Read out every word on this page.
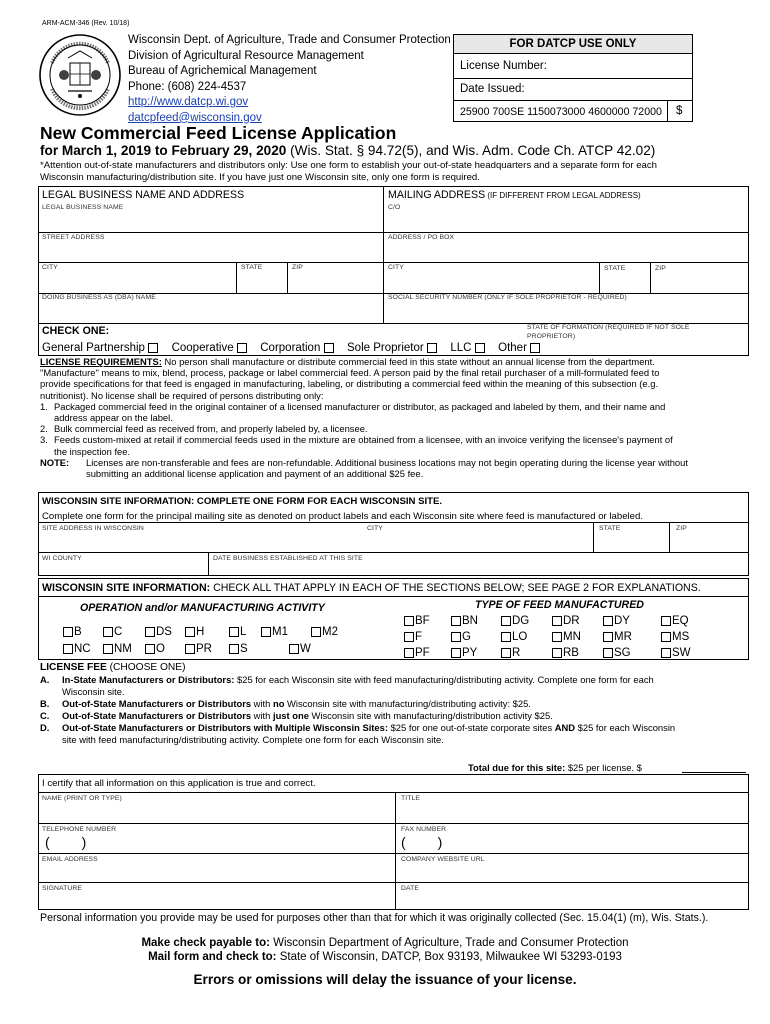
ARM-ACM-346 (Rev. 10/18)
Wisconsin Dept. of Agriculture, Trade and Consumer Protection
Division of Agricultural Resource Management
Bureau of Agrichemical Management
Phone: (608) 224-4537
http://www.datcp.wi.gov
datcpfeed@wisconsin.gov
FOR DATCP USE ONLY
License Number:
Date Issued:
25900 700SE 1150073000 4600000 72000 $
New Commercial Feed License Application
for March 1, 2019 to February 29, 2020 (Wis. Stat. § 94.72(5), and Wis. Adm. Code Ch. ATCP 42.02)
*Attention out-of-state manufacturers and distributors only: Use one form to establish your out-of-state headquarters and a separate form for each
Wisconsin manufacturing/distribution site. If you have just one Wisconsin site, only one form is required.
LEGAL BUSINESS NAME AND ADDRESS	MAILING ADDRESS (IF DIFFERENT FROM LEGAL ADDRESS)
LEGAL BUSINESS NAME	C/O
STREET ADDRESS	ADDRESS / PO BOX
CITY	STATE	ZIP	CITY	STATE	ZIP
DOING BUSINESS AS (DBA) NAME	SOCIAL SECURITY NUMBER (ONLY IF SOLE PROPRIETOR - REQUIRED)
CHECK ONE:	STATE OF FORMATION (REQUIRED IF NOT SOLE PROPRIETOR)
General Partnership

Cooperative

Corporation

Sole Proprietor

LLC

Other

LICENSE REQUIREMENTS: No person shall manufacture or distribute commercial feed in this state without an annual license from the department.
"Manufacture" means to mix, blend, process, package or label commercial feed. A person paid by the final retail purchaser of a mill-formulated feed to
provide specifications for that feed is engaged in manufacturing, labeling, or distributing a commercial feed within the meaning of this subsection (e.g.
nutritionist). No license shall be required of persons distributing only:
1. Packaged commercial feed in the original container of a licensed manufacturer or distributor, as packaged and labeled by them, and their name and
address appear on the label.
2. Bulk commercial feed as received from, and properly labeled by, a licensee.
3. Feeds custom-mixed at retail if commercial feeds used in the mixture are obtained from a licensee, with an invoice verifying the licensee's payment of
the inspection fee.
NOTE: Licenses are non-transferable and fees are non-refundable. Additional business locations may not begin operating during the license year without
submitting an additional license application and payment of an additional $25 fee.
WISCONSIN SITE INFORMATION: COMPLETE ONE FORM FOR EACH WISCONSIN SITE.
Complete one form for the principal mailing site as denoted on product labels and each Wisconsin site where feed is manufactured or labeled.
SITE ADDRESS IN WISCONSIN	CITY	STATE	ZIP
WI COUNTY	DATE BUSINESS ESTABLISHED AT THIS SITE
WISCONSIN SITE INFORMATION: CHECK ALL THAT APPLY IN EACH OF THE SECTIONS BELOW; SEE PAGE 2 FOR EXPLANATIONS.
OPERATION and/or MANUFACTURING ACTIVITY	TYPE OF FEED MANUFACTURED
B	C	DS H	L M1	M2
NC NM O	PR S	W
BF	BN	DG	DR	DY	EQ
F	G	LO	MN	MR	MS
PF	PY	R	RB	SG	SW
LICENSE FEE (CHOOSE ONE)
A. In-State Manufacturers or Distributors: $25 for each Wisconsin site with feed manufacturing/distributing activity. Complete one form for each
Wisconsin site.
B. Out-of-State Manufacturers or Distributors with no Wisconsin site with manufacturing/distributing activity: $25.
C. Out-of-State Manufacturers or Distributors with just one Wisconsin site with manufacturing/distribution activity $25.
D. Out-of-State Manufacturers or Distributors with Multiple Wisconsin Sites: $25 for one out-of-state corporate sites AND $25 for each Wisconsin
site with feed manufacturing/distributing activity. Complete one form for each Wisconsin site.
Total due for this site: $25 per license. $
I certify that all information on this application is true and correct.
NAME (PRINT OR TYPE)	TITLE
TELEPHONE NUMBER	FAX NUMBER
( )	( )
EMAIL ADDRESS	COMPANY WEBSITE URL
SIGNATURE	DATE
Personal information you provide may be used for purposes other than that for which it was originally collected (Sec. 15.04(1) (m), Wis. Stats.).
Make check payable to: Wisconsin Department of Agriculture, Trade and Consumer Protection
Mail form and check to: State of Wisconsin, DATCP, Box 93193, Milwaukee WI 53293-0193
Errors or omissions will delay the issuance of your license.
